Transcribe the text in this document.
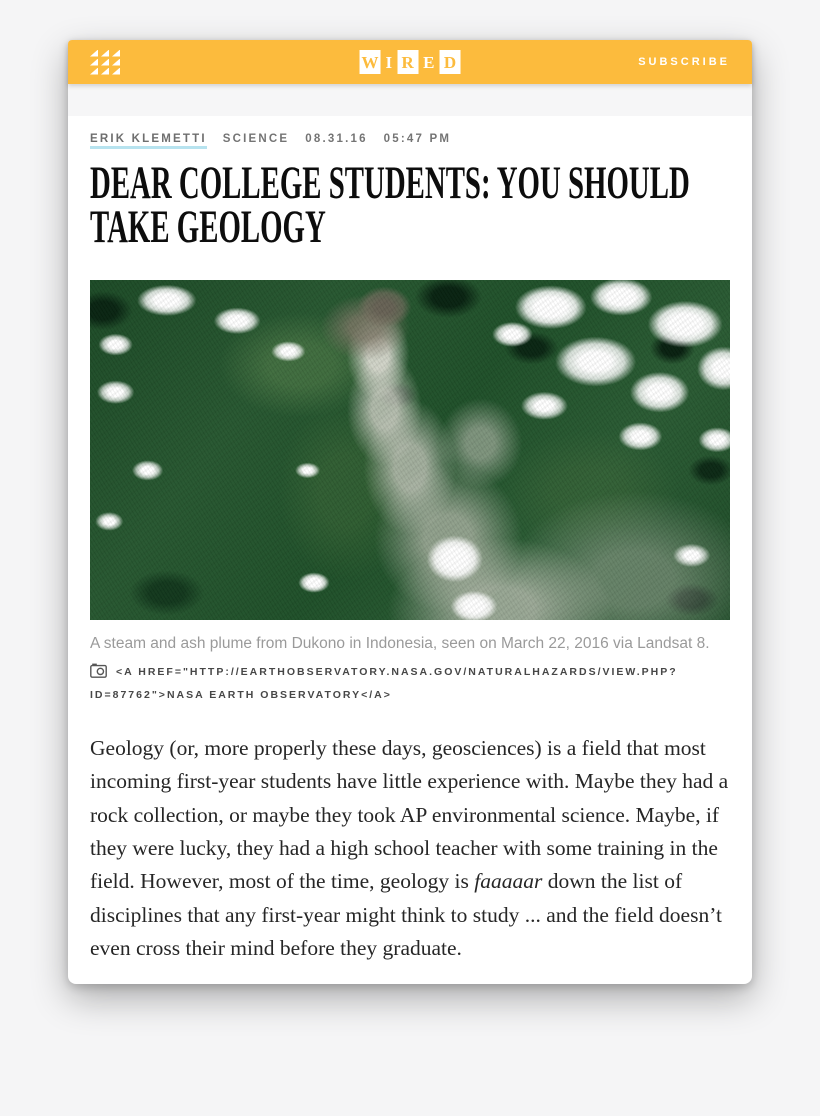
W I R E D	SUBSCRIBE
ERIK KLEMETTI SCIENCE 08.31.16 05:47 PM
DEAR COLLEGE STUDENTS: YOU SHOULD
TAKE GEOLOGY

A steam and ash plume from Dukono in Indonesia, seen on March 22, 2016 via Landsat 8.

<A HREF="HTTP://EARTHOBSERVATORY.NASA.GOV/NATURALHAZARDS/VIEW.PHP?
ID=87762">NASA EARTH OBSERVATORY</A>

Geology (or, more properly these days, geosciences) is a field that most incoming first-year students have little experience with. Maybe they had a rock collection, or maybe they took AP environmental science. Maybe, if they were lucky, they had a high school teacher with some training in the field. However, most of the time, geology is faaaaar down the list of disciplines that any first-year might think to study ... and the field doesn’t even cross their mind before they graduate.
